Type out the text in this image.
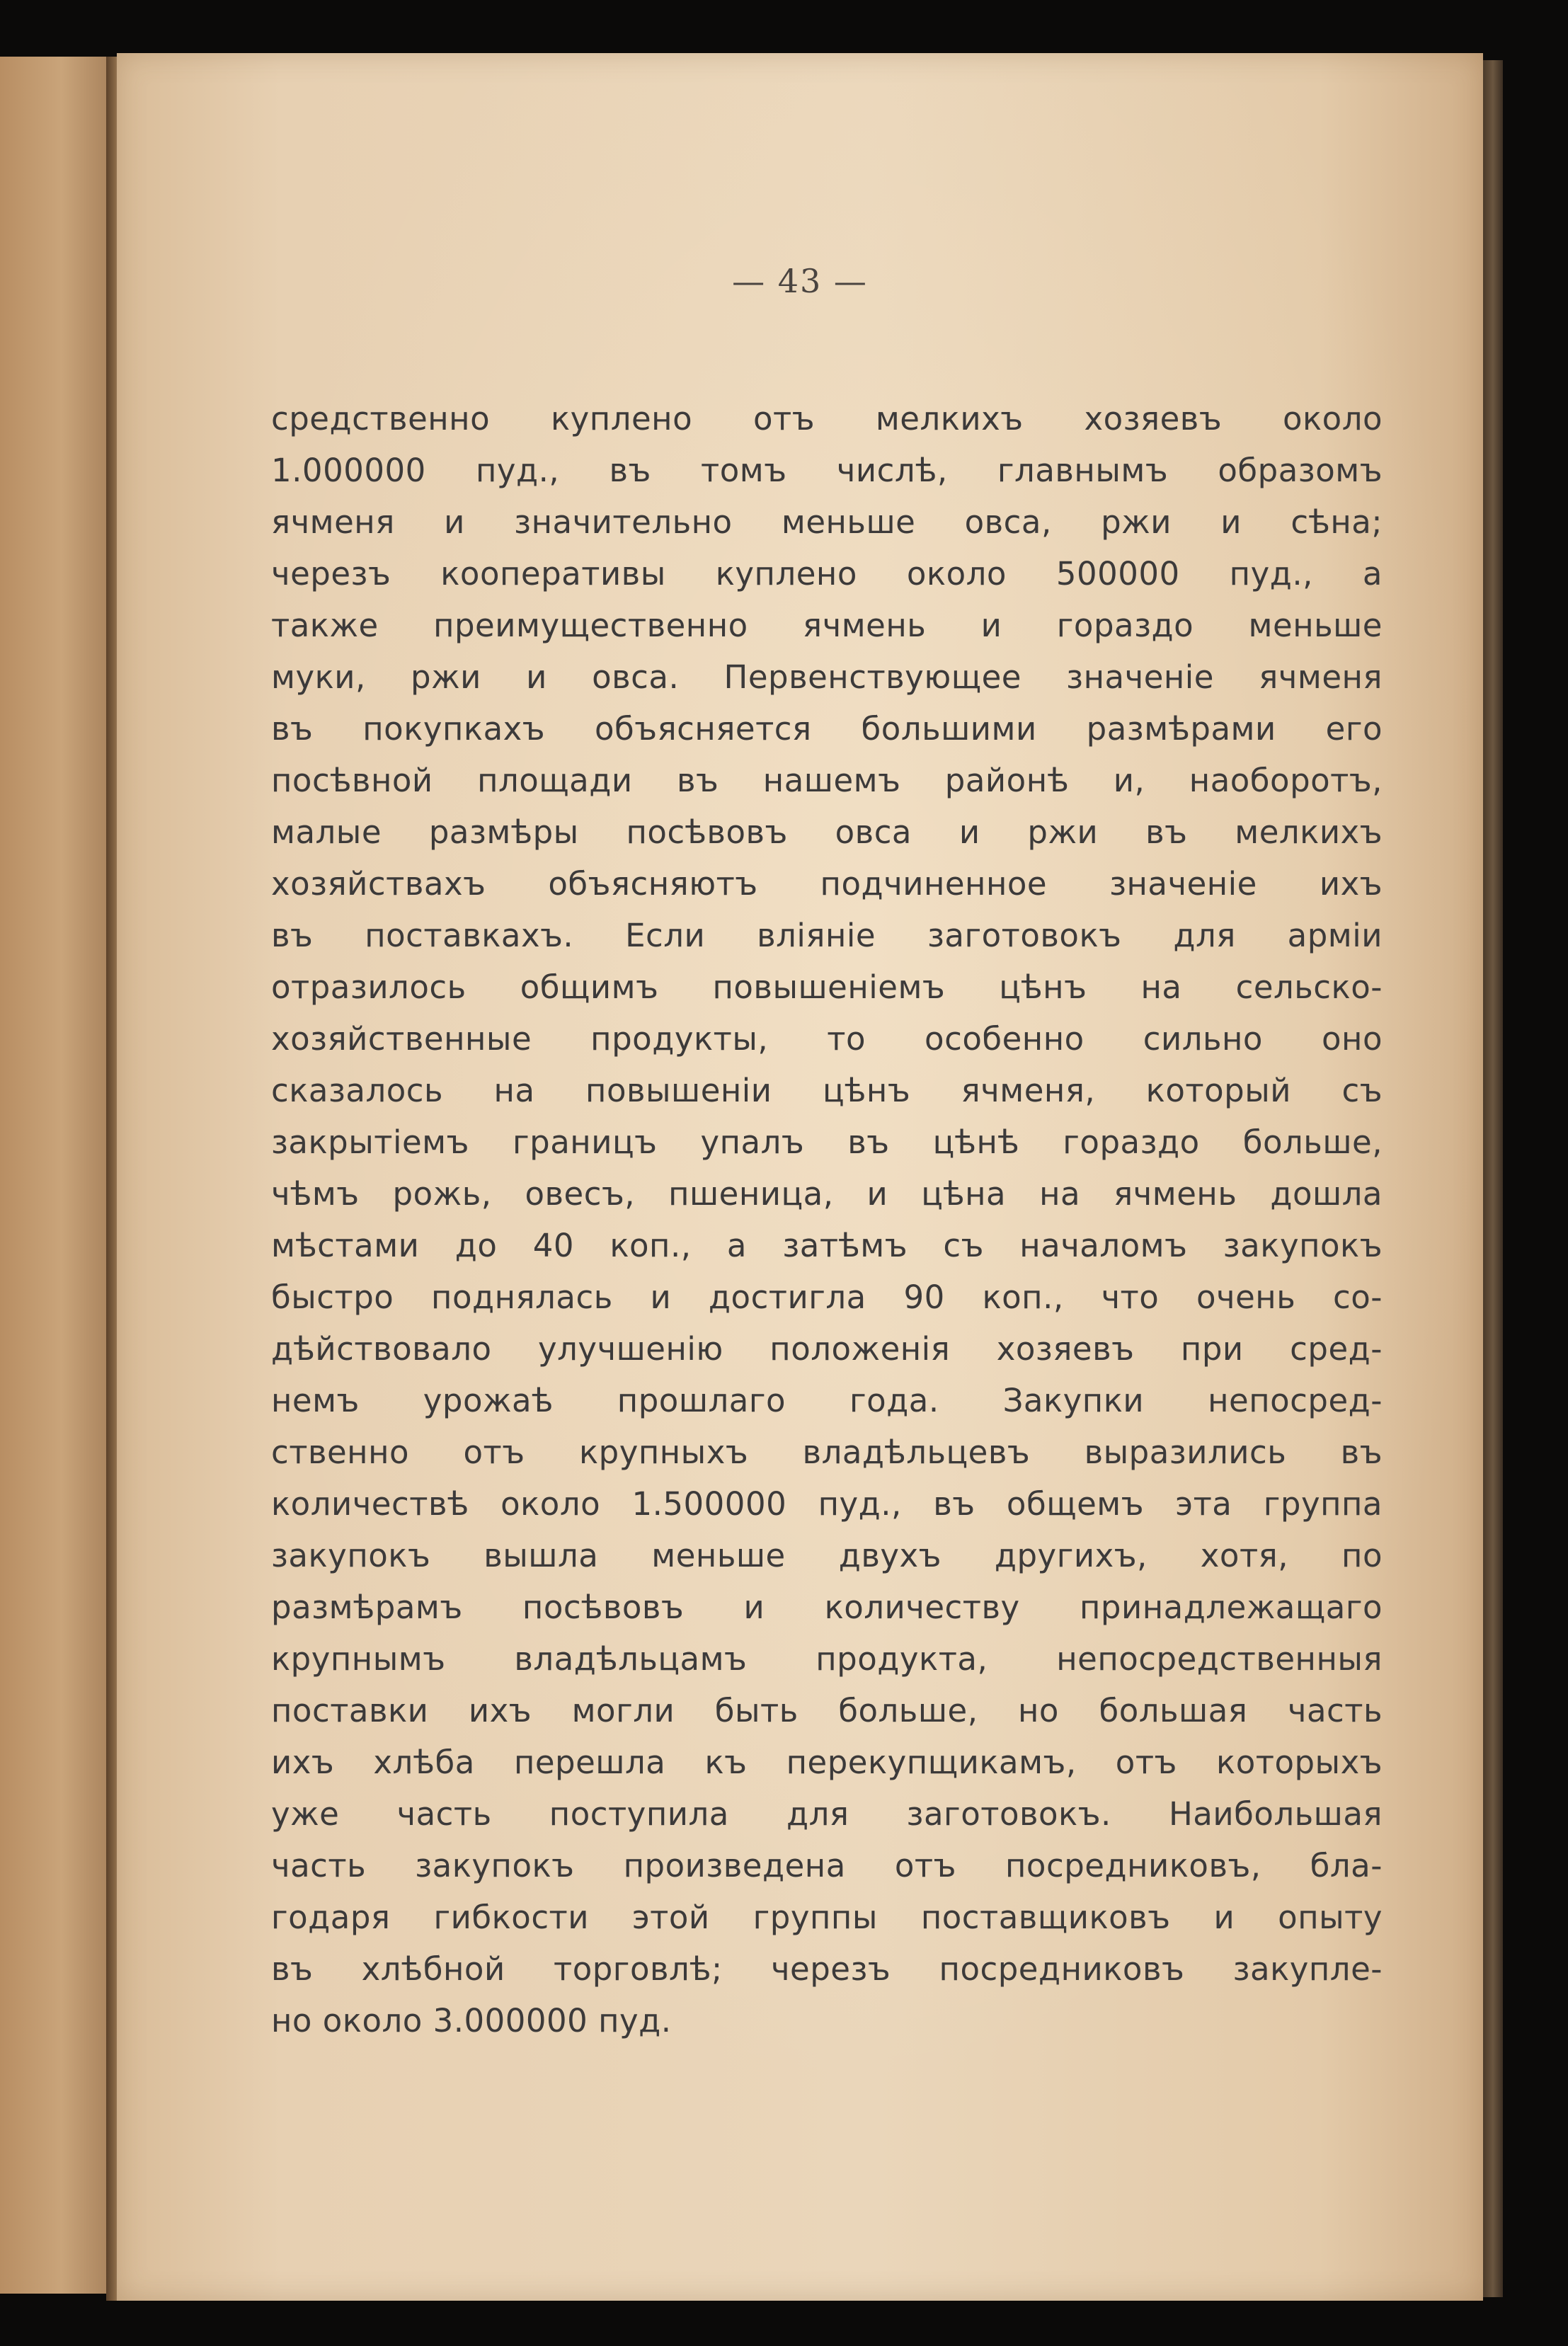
— 43 —
средственно куплено отъ мелкихъ хозяевъ около
1.000000 пуд., въ томъ числѣ, главнымъ образомъ
ячменя и значительно меньше овса, ржи и сѣна;
черезъ кооперативы куплено около 500000 пуд., а
также преимущественно ячмень и гораздо меньше
муки, ржи и овса. Первенствующее значенiе ячменя
въ покупкахъ объясняется большими размѣрами его
посѣвной площади въ нашемъ районѣ и, наоборотъ,
малые размѣры посѣвовъ овса и ржи въ мелкихъ
хозяйствахъ объясняютъ подчиненное значенiе ихъ
въ поставкахъ. Если влiянiе заготовокъ для армiи
отразилось общимъ повышенiемъ цѣнъ на сельско-
хозяйственные продукты, то особенно сильно оно
сказалось на повышенiи цѣнъ ячменя, который съ
закрытiемъ границъ упалъ въ цѣнѣ гораздо больше,
чѣмъ рожь, овесъ, пшеница, и цѣна на ячмень дошла
мѣстами до 40 коп., а затѣмъ съ началомъ закупокъ
быстро поднялась и достигла 90 коп., что очень со-
дѣйствовало улучшенiю положенiя хозяевъ при сред-
немъ урожаѣ прошлаго года. Закупки непосред-
ственно отъ крупныхъ владѣльцевъ выразились въ
количествѣ около 1.500000 пуд., въ общемъ эта группа
закупокъ вышла меньше двухъ другихъ, хотя, по
размѣрамъ посѣвовъ и количеству принадлежащаго
крупнымъ владѣльцамъ продукта, непосредственныя
поставки ихъ могли быть больше, но большая часть
ихъ хлѣба перешла къ перекупщикамъ, отъ которыхъ
уже часть поступила для заготовокъ. Наибольшая
часть закупокъ произведена отъ посредниковъ, бла-
годаря гибкости этой группы поставщиковъ и опыту
въ хлѣбной торговлѣ; черезъ посредниковъ закупле-
но около 3.000000 пуд.
